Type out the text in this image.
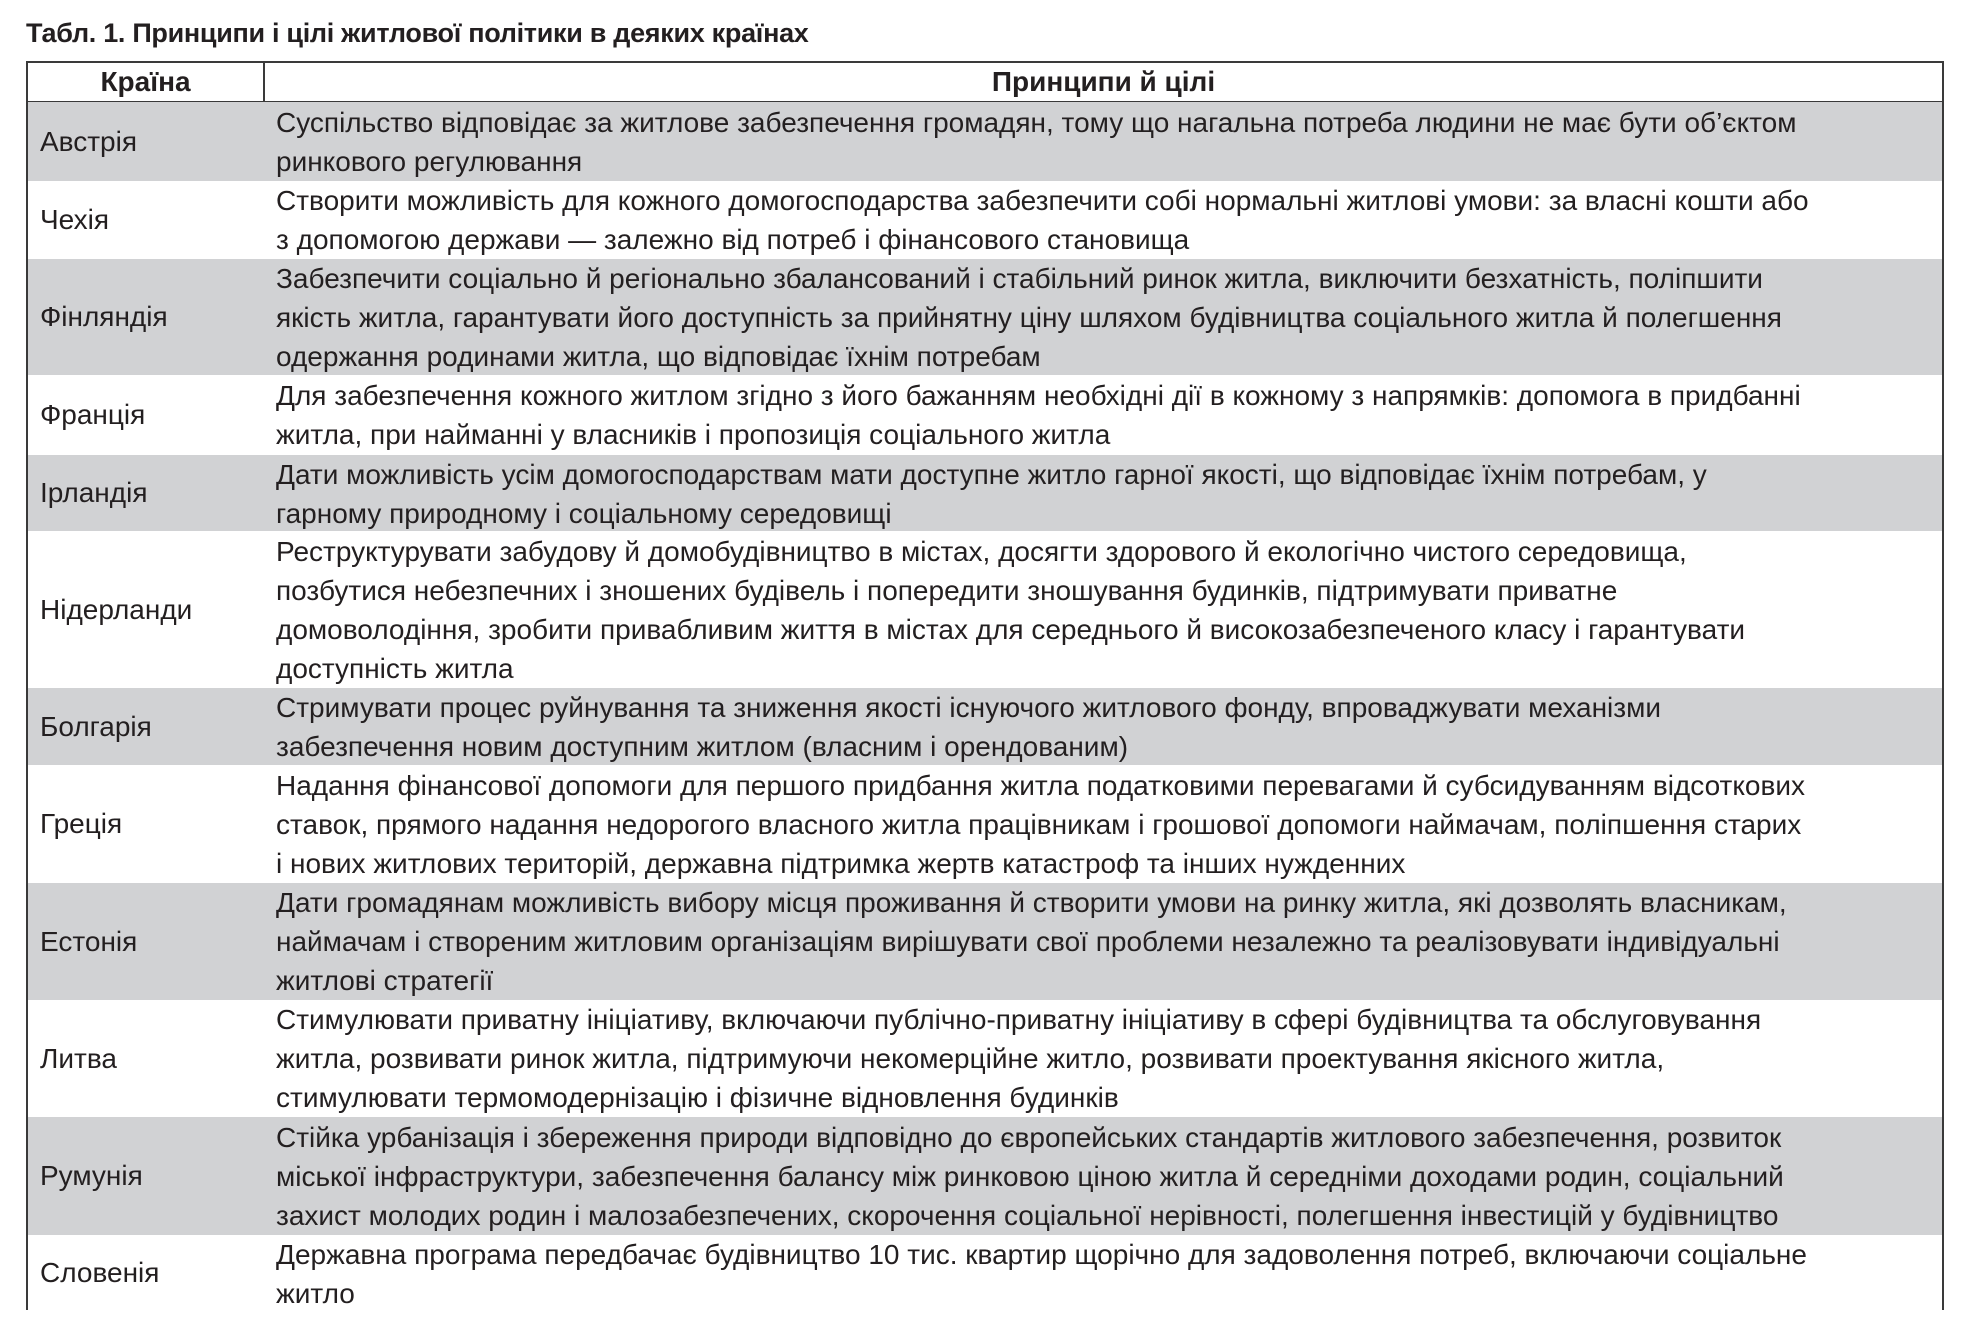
Табл. 1. Принципи і цілі житлової політики в деяких країнах
Країна	Принципи й цілі
Австрія
Суспільство відповідає за житлове забезпечення громадян, тому що нагальна потреба людини не має бути об’єктом
ринкового регулювання
Чехія
Створити можливість для кожного домогосподарства забезпечити собі нормальні житлові умови: за власні кошти або
з допомогою держави — залежно від потреб і фінансового становища
Фінляндія
Забезпечити соціально й регіонально збалансований і стабільний ринок житла, виключити безхатність, поліпшити
якість житла, гарантувати його доступність за прийнятну ціну шляхом будівництва соціального житла й полегшення
одержання родинами житла, що відповідає їхнім потребам
Франція
Для забезпечення кожного житлом згідно з його бажанням необхідні дії в кожному з напрямків: допомога в придбанні
житла, при найманні у власників і пропозиція соціального житла
Ірландія
Дати можливість усім домогосподарствам мати доступне житло гарної якості, що відповідає їхнім потребам, у
гарному природному і соціальному середовищі
Нідерланди
Реструктурувати забудову й домобудівництво в містах, досягти здорового й екологічно чистого середовища,
позбутися небезпечних і зношених будівель і попередити зношування будинків, підтримувати приватне
домоволодіння, зробити привабливим життя в містах для середнього й високозабезпеченого класу і гарантувати
доступність житла
Болгарія
Стримувати процес руйнування та зниження якості існуючого житлового фонду, впроваджувати механізми
забезпечення новим доступним житлом (власним і орендованим)
Греція
Надання фінансової допомоги для першого придбання житла податковими перевагами й субсидуванням відсоткових
ставок, прямого надання недорогого власного житла працівникам і грошової допомоги наймачам, поліпшення старих
і нових житлових територій, державна підтримка жертв катастроф та інших нужденних
Естонія
Дати громадянам можливість вибору місця проживання й створити умови на ринку житла, які дозволять власникам,
наймачам і створеним житловим організаціям вирішувати свої проблеми незалежно та реалізовувати індивідуальні
житлові стратегії
Литва
Стимулювати приватну ініціативу, включаючи публічно-приватну ініціативу в сфері будівництва та обслуговування
житла, розвивати ринок житла, підтримуючи некомерційне житло, розвивати проектування якісного житла,
стимулювати термомодернізацію і фізичне відновлення будинків
Румунія
Стійка урбанізація і збереження природи відповідно до європейських стандартів житлового забезпечення, розвиток
міської інфраструктури, забезпечення балансу між ринковою ціною житла й середніми доходами родин, соціальний
захист молодих родин і малозабезпечених, скорочення соціальної нерівності, полегшення інвестицій у будівництво
Словенія
Державна програма передбачає будівництво 10 тис. квартир щорічно для задоволення потреб, включаючи соціальне
житло
